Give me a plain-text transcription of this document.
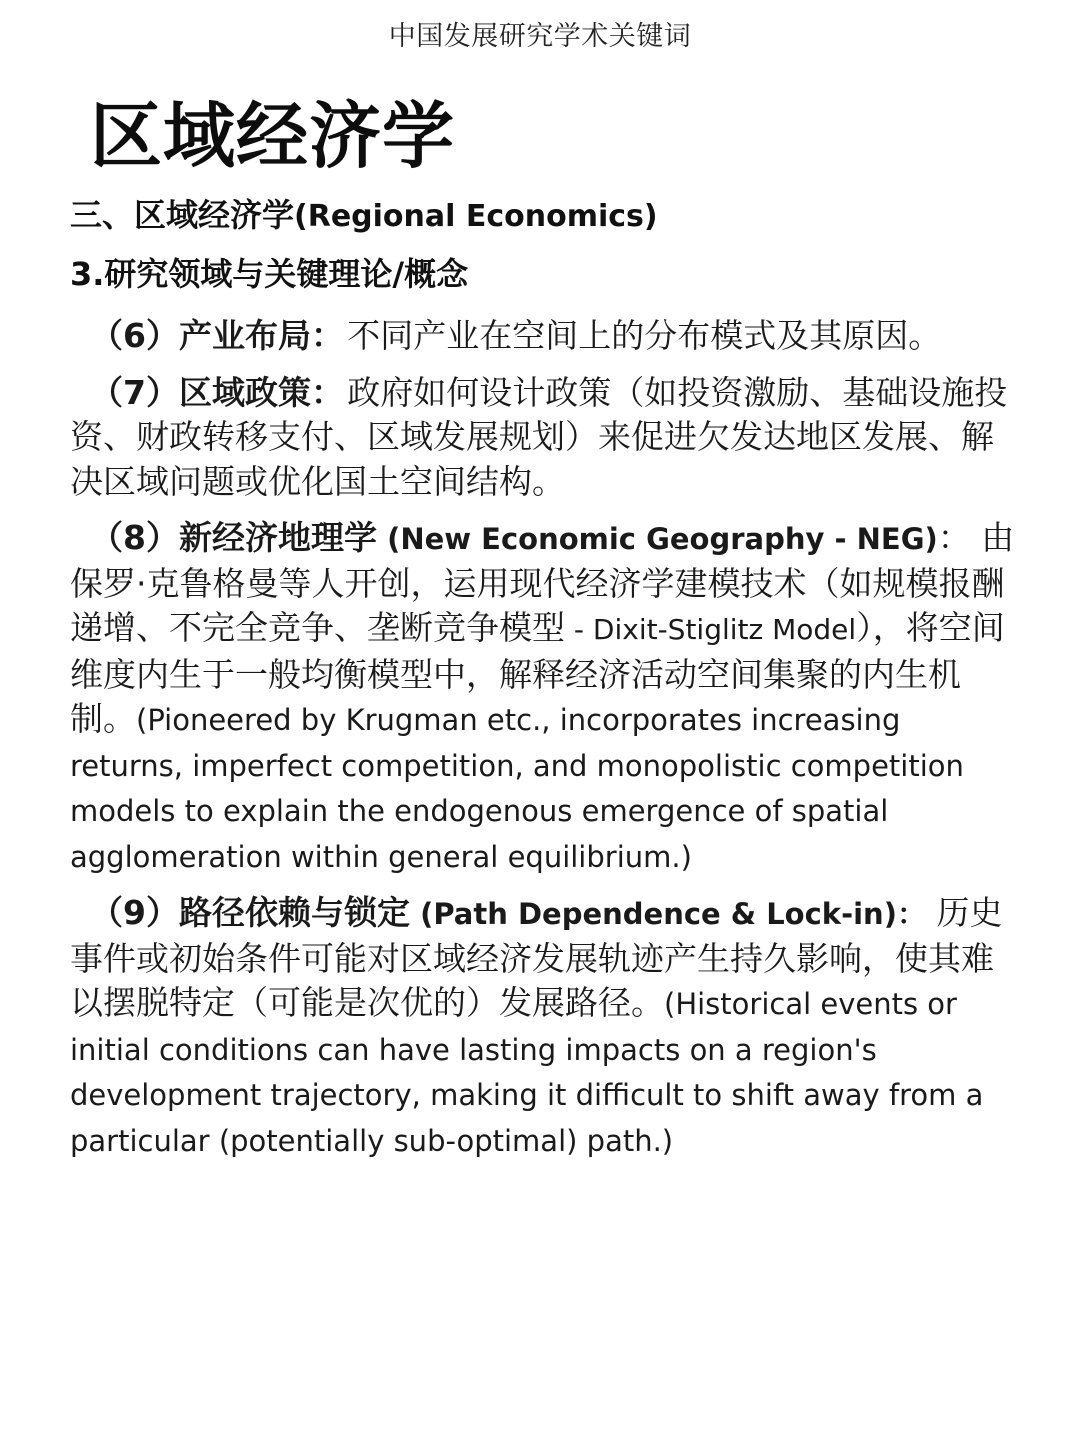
中国发展研究学术关键词
区域经济学

三、区域经济学(Regional Economics)

3.研究领域与关键理论/概念

（6）产业布局： 不同产业在空间上的分布模式及其原因。

（7）区域政策： 政府如何设计政策（如投资激励、基础设施投资、财政转移支付、区域发展规划）来促进欠发达地区发展、解决区域问题或优化国土空间结构。

（8）新经济地理学 (New Economic Geography - NEG)： 由保罗·克鲁格曼等人开创，运用现代经济学建模技术（如规模报酬递增、不完全竞争、垄断竞争模型 - Dixit-Stiglitz Model），将空间维度内生于一般均衡模型中，解释经济活动空间集聚的内生机制。(Pioneered by Krugman etc., incorporates increasing returns, imperfect competition, and monopolistic competition models to explain the endogenous emergence of spatial agglomeration within general equilibrium.)

（9）路径依赖与锁定 (Path Dependence & Lock-in)： 历史事件或初始条件可能对区域经济发展轨迹产生持久影响，使其难以摆脱特定（可能是次优的）发展路径。(Historical events or initial conditions can have lasting impacts on a region's development trajectory, making it difficult to shift away from a particular (potentially sub-optimal) path.)
